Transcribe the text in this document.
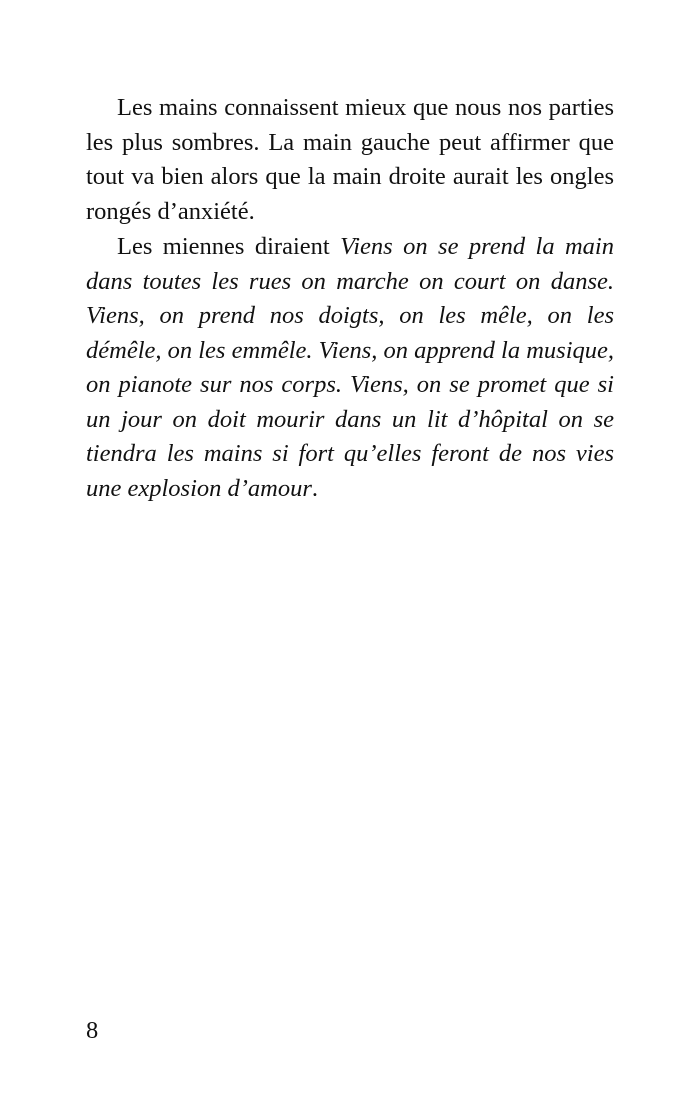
Les mains connaissent mieux que nous nos parties les plus sombres. La main gauche peut affirmer que tout va bien alors que la main droite aurait les ongles rongés d’anxiété.

Les miennes diraient Viens on se prend la main dans toutes les rues on marche on court on danse. Viens, on prend nos doigts, on les mêle, on les démêle, on les emmêle. Viens, on apprend la musique, on pianote sur nos corps. Viens, on se promet que si un jour on doit mourir dans un lit d’hôpital on se tiendra les mains si fort qu’elles feront de nos vies une explosion d’amour.

8
